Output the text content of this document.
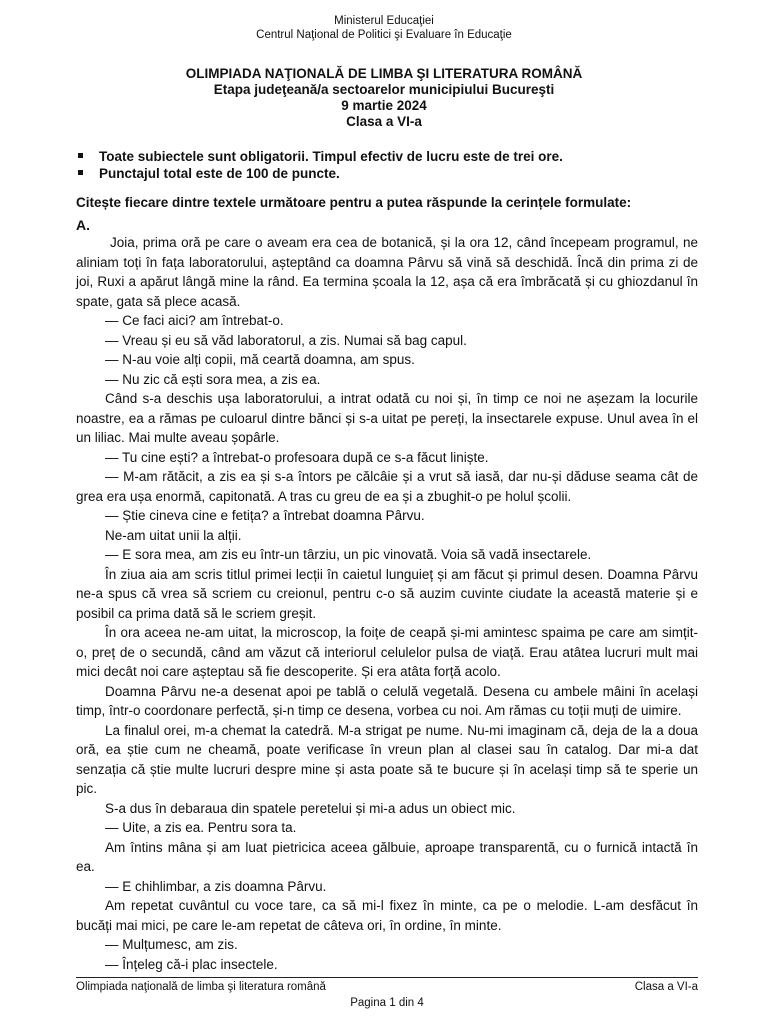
Ministerul Educaţiei
Centrul Naţional de Politici şi Evaluare în Educaţie
OLIMPIADA NAŢIONALĂ DE LIMBA ŞI LITERATURA ROMÂNĂ
Etapa judeţeană/a sectoarelor municipiului Bucureşti
9 martie 2024
Clasa a VI-a
Toate subiectele sunt obligatorii. Timpul efectiv de lucru este de trei ore.
Punctajul total este de 100 de puncte.
Citește fiecare dintre textele următoare pentru a putea răspunde la cerințele formulate:
A.

Joia, prima oră pe care o aveam era cea de botanică, și la ora 12, când începeam programul, ne aliniam toți în fața laboratorului, așteptând ca doamna Pârvu să vină să deschidă. Încă din prima zi de joi, Ruxi a apărut lângă mine la rând. Ea termina școala la 12, așa că era îmbrăcată și cu ghiozdanul în spate, gata să plece acasă.

— Ce faci aici? am întrebat-o.

— Vreau și eu să văd laboratorul, a zis. Numai să bag capul.

— N-au voie alți copii, mă ceartă doamna, am spus.

— Nu zic că ești sora mea, a zis ea.

Când s-a deschis ușa laboratorului, a intrat odată cu noi și, în timp ce noi ne așezam la locurile noastre, ea a rămas pe culoarul dintre bănci și s-a uitat pe pereți, la insectarele expuse. Unul avea în el un liliac. Mai multe aveau șopârle.

— Tu cine ești? a întrebat-o profesoara după ce s-a făcut liniște.

— M-am rătăcit, a zis ea și s-a întors pe călcâie și a vrut să iasă, dar nu-și dăduse seama cât de grea era ușa enormă, capitonată. A tras cu greu de ea și a zbughit-o pe holul școlii.

— Știe cineva cine e fetița? a întrebat doamna Pârvu.

Ne-am uitat unii la alții.

— E sora mea, am zis eu într-un târziu, un pic vinovată. Voia să vadă insectarele.

În ziua aia am scris titlul primei lecții în caietul lunguieț și am făcut și primul desen. Doamna Pârvu ne-a spus că vrea să scriem cu creionul, pentru c-o să auzim cuvinte ciudate la această materie și e posibil ca prima dată să le scriem greșit.

În ora aceea ne-am uitat, la microscop, la foițe de ceapă și-mi amintesc spaima pe care am simțit-o, preț de o secundă, când am văzut că interiorul celulelor pulsa de viață. Erau atâtea lucruri mult mai mici decât noi care așteptau să fie descoperite. Și era atâta forță acolo.

Doamna Pârvu ne-a desenat apoi pe tablă o celulă vegetală. Desena cu ambele mâini în același timp, într-o coordonare perfectă, și-n timp ce desena, vorbea cu noi. Am rămas cu toții muți de uimire.

La finalul orei, m-a chemat la catedră. M-a strigat pe nume. Nu-mi imaginam că, deja de la a doua oră, ea știe cum ne cheamă, poate verificase în vreun plan al clasei sau în catalog. Dar mi-a dat senzația că știe multe lucruri despre mine și asta poate să te bucure și în același timp să te sperie un pic.

S-a dus în debaraua din spatele peretelui și mi-a adus un obiect mic.

— Uite, a zis ea. Pentru sora ta.

Am întins mâna și am luat pietricica aceea gălbuie, aproape transparentă, cu o furnică intactă în ea.

— E chihlimbar, a zis doamna Pârvu.

Am repetat cuvântul cu voce tare, ca să mi-l fixez în minte, ca pe o melodie. L-am desfăcut în bucăți mai mici, pe care le-am repetat de câteva ori, în ordine, în minte.

— Mulțumesc, am zis.

— Înțeleg că-i plac insectele.

Olimpiada naţională de limba şi literatura română	Clasa a VI-a
Pagina 1 din 4
